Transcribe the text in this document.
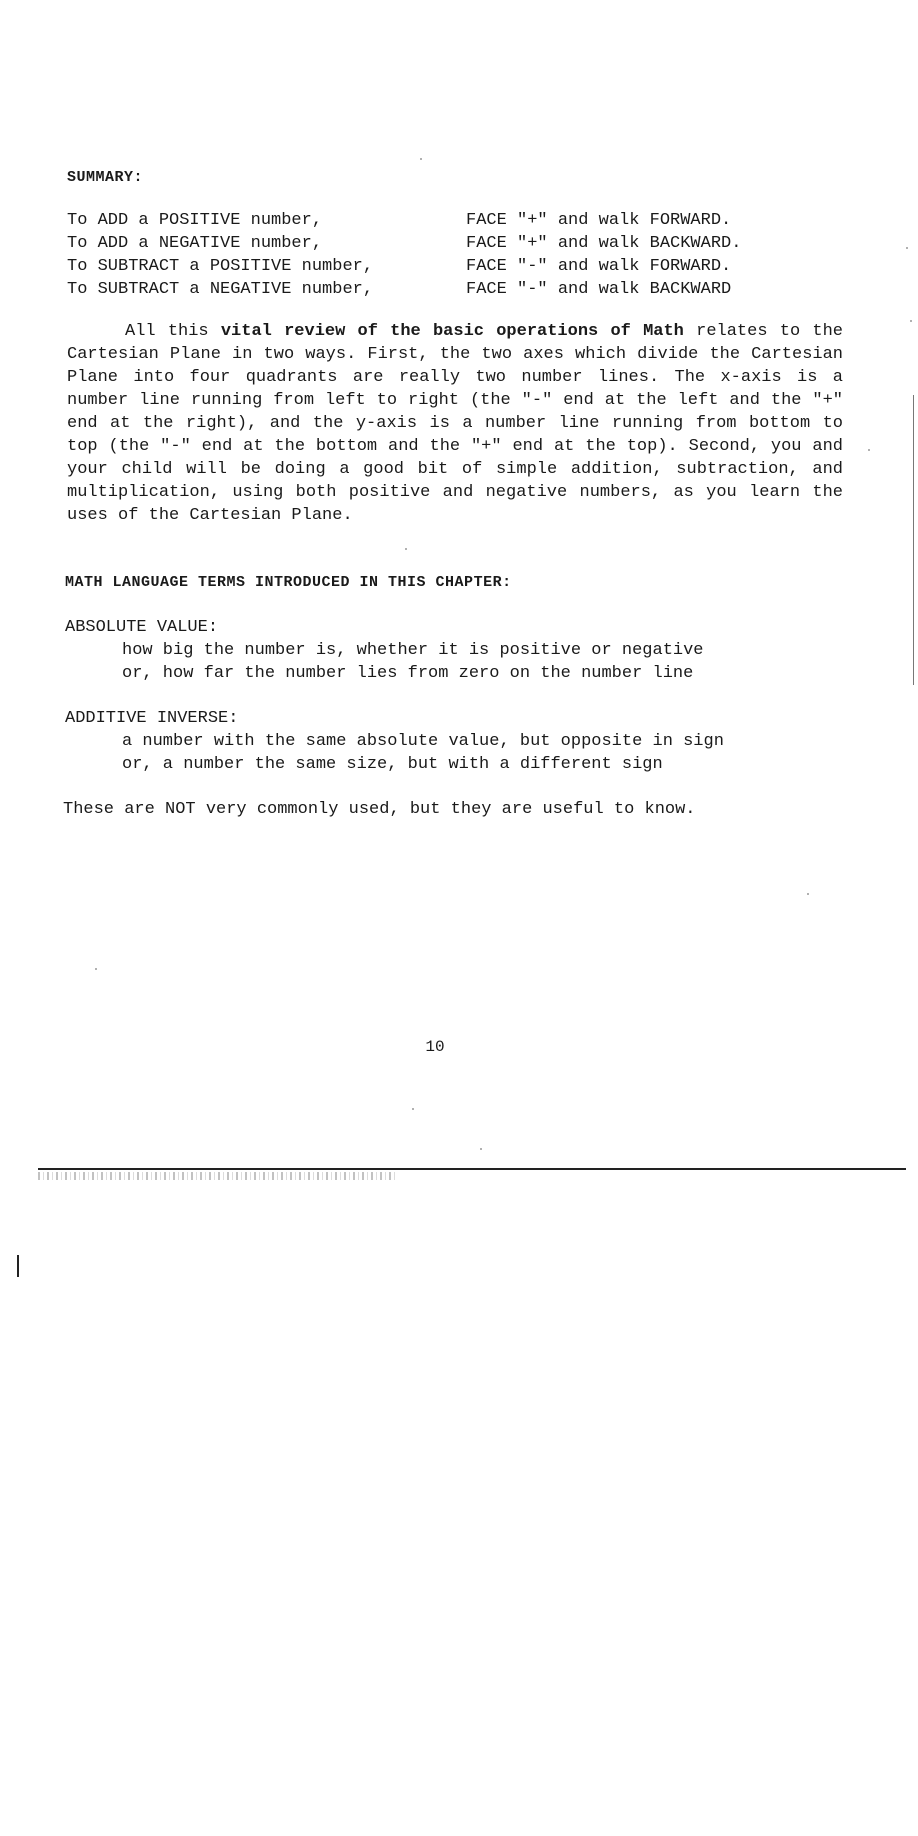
SUMMARY:
To ADD a POSITIVE number,	FACE "+" and walk FORWARD.
To ADD a NEGATIVE number,	FACE "+" and walk BACKWARD.
To SUBTRACT a POSITIVE number,	FACE "-" and walk FORWARD.
To SUBTRACT a NEGATIVE number,	FACE "-" and walk BACKWARD
All this vital review of the basic operations of Math relates to the Cartesian Plane in two ways. First, the two axes which divide the Cartesian Plane into four quadrants are really two number lines. The x-axis is a number line running from left to right (the "-" end at the left and the "+" end at the right), and the y-axis is a number line running from bottom to top (the "-" end at the bottom and the "+" end at the top). Second, you and your child will be doing a good bit of simple addition, subtraction, and multiplication, using both positive and negative numbers, as you learn the uses of the Cartesian Plane.
MATH LANGUAGE TERMS INTRODUCED IN THIS CHAPTER:
ABSOLUTE VALUE:
how big the number is, whether it is positive or negative
or, how far the number lies from zero on the number line
ADDITIVE INVERSE:
a number with the same absolute value, but opposite in sign
or, a number the same size, but with a different sign
These are NOT very commonly used, but they are useful to know.
10
